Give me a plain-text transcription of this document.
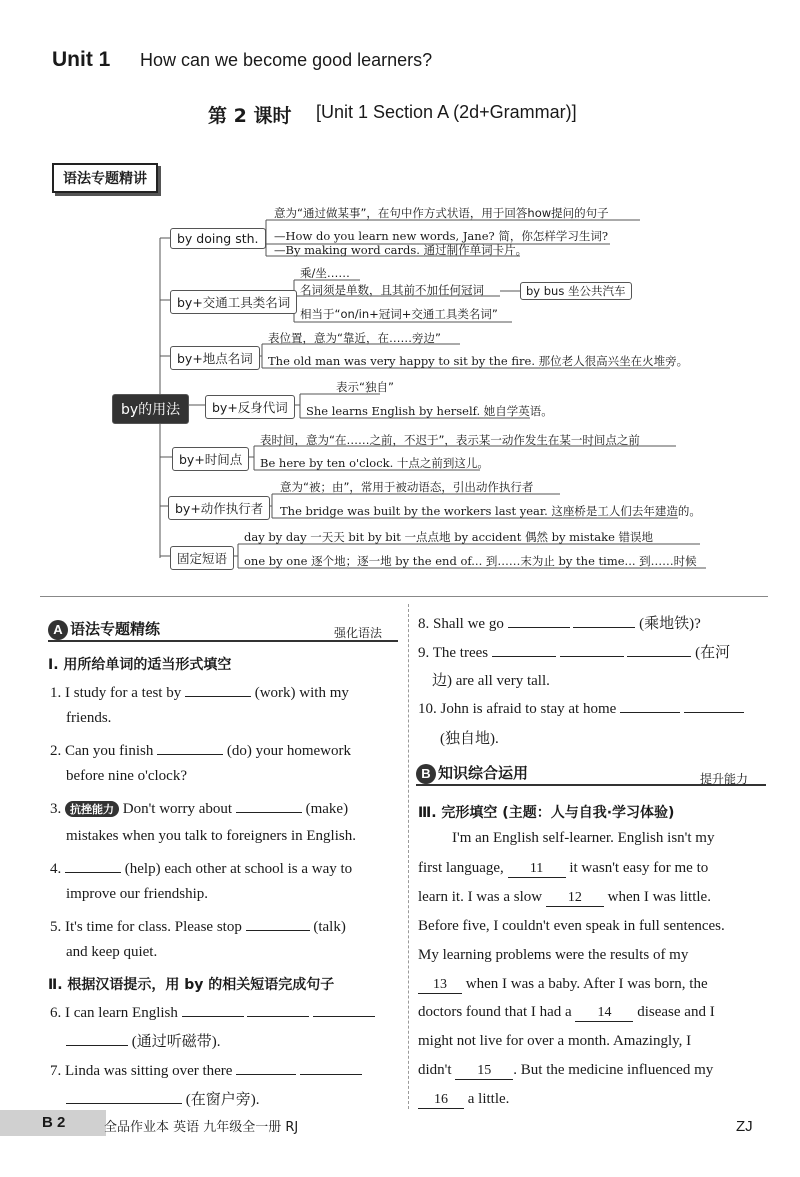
Unit 1 How can we become good learners?
第 2 课时 [Unit 1 Section A (2d+Grammar)]
语法专题精讲
by的用法
by doing sth.
意为“通过做某事”，在句中作方式状语，用于回答how提问的句子
—How do you learn new words, Jane? 简，你怎样学习生词?
—By making word cards. 通过制作单词卡片。
by+交通工具类名词
乘/坐……
名词须是单数，且其前不加任何冠词	by bus 坐公共汽车
相当于“on/in+冠词+交通工具类名词”
by+地点名词
表位置，意为“靠近，在……旁边”
The old man was very happy to sit by the fire. 那位老人很高兴坐在火堆旁。
by+反身代词
表示“独自”
She learns English by herself. 她自学英语。
by+时间点
表时间，意为“在……之前，不迟于”，表示某一动作发生在某一时间点之前
Be here by ten o'clock. 十点之前到这儿。
by+动作执行者
意为“被；由”，常用于被动语态，引出动作执行者
The bridge was built by the workers last year. 这座桥是工人们去年建造的。
固定短语
day by day 一天天 bit by bit 一点点地 by accident 偶然 by mistake 错误地
one by one 逐个地；逐一地 by the end of... 到……末为止 by the time... 到……时候
A 语法专题精练	强化语法
Ⅰ. 用所给单词的适当形式填空
1. I study for a test by	(work) with my
friends.
2. Can you finish	(do) your homework
before nine o'clock?
3. 抗挫能力 Don't worry about	(make)
mistakes when you talk to foreigners in English.
4.	(help) each other at school is a way to
improve our friendship.
5. It's time for class. Please stop	(talk)
and keep quiet.
Ⅱ. 根据汉语提示，用 by 的相关短语完成句子
6. I can learn English
(通过听磁带).
7. Linda was sitting over there
(在窗户旁).
8. Shall we go	(乘地铁)?
9. The trees	(在河
边) are all very tall.
10. John is afraid to stay at home
(独自地).
B 知识综合运用	提升能力
Ⅲ. 完形填空 (主题：人与自我·学习体验)
I'm an English self-learner. English isn't my
first language, 11 it wasn't easy for me to
learn it. I was a slow 12 when I was little.
Before five, I couldn't even speak in full sentences.
My learning problems were the results of my
13 when I was a baby. After I was born, the
doctors found that I had a 14 disease and I
might not live for over a month. Amazingly, I
didn't 15 . But the medicine influenced my
16 a little.
B 2	全品作业本 英语 九年级全一册 RJ	ZJ
